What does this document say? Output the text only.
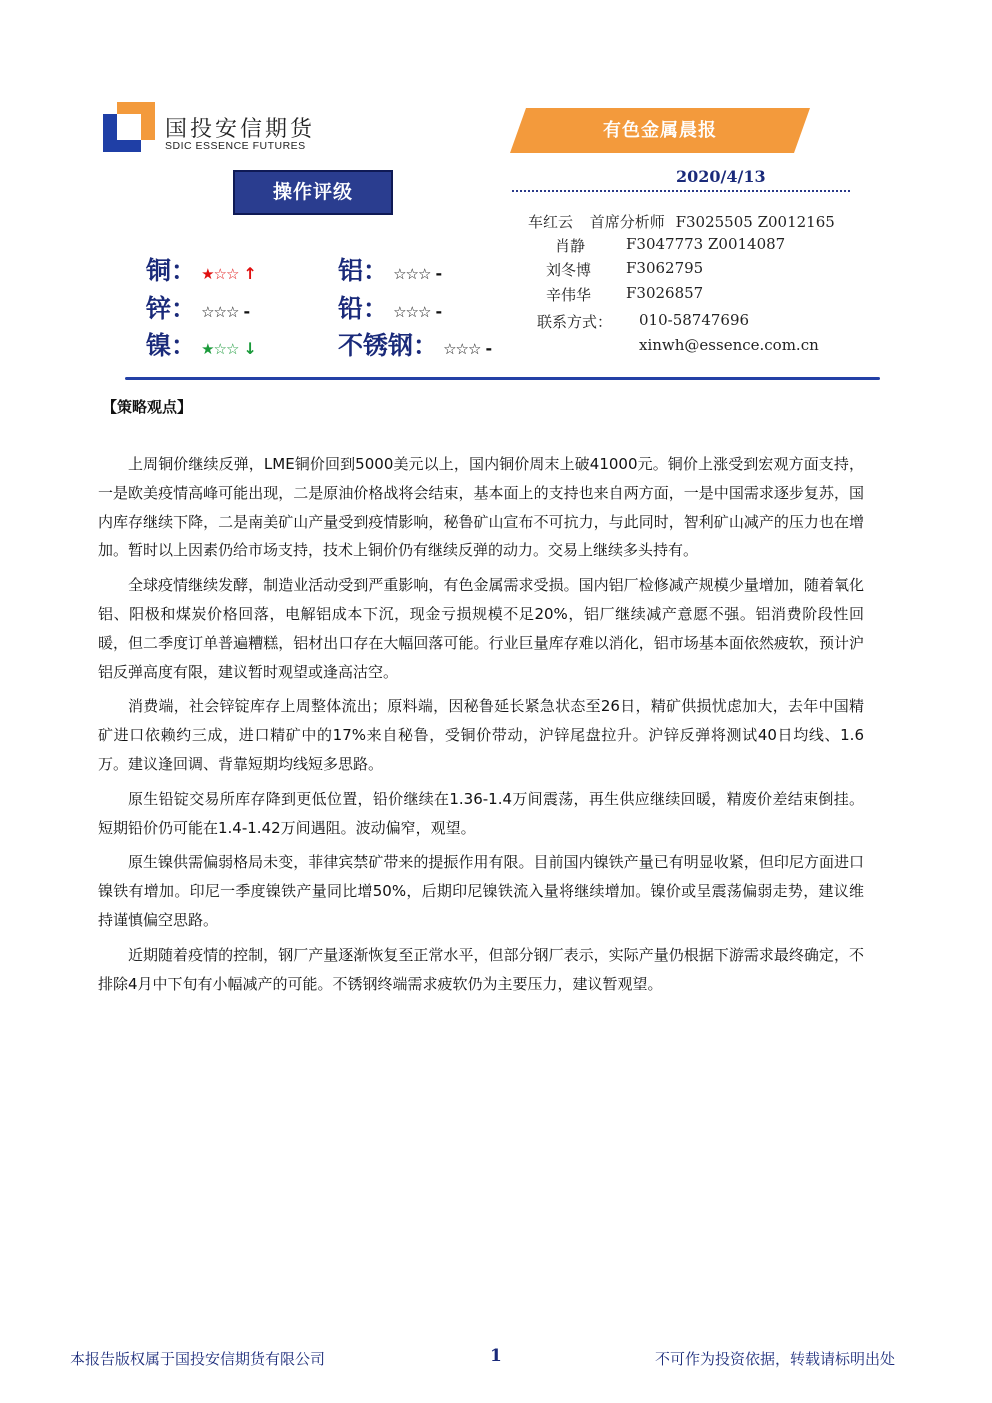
国投安信期货
SDIC ESSENCE FUTURES
有色金属晨报
2020/4/13
操作评级
铜： ★☆☆ ↑	铝： ☆☆☆ -
锌： ☆☆☆ -	铅： ☆☆☆ -
镍： ★☆☆ ↓	不锈钢： ☆☆☆ -
车红云 首席分析师 F3025505 Z0012165
肖静	F3047773 Z0014087
刘冬博 F3062795
辛伟华 F3026857
联系方式： 010-58747696
xinwh@essence.com.cn
【策略观点】

上周铜价继续反弹，LME铜价回到5000美元以上，国内铜价周末上破41000元。铜价上涨受到宏观方面支持，一是欧美疫情高峰可能出现，二是原油价格战将会结束，基本面上的支持也来自两方面，一是中国需求逐步复苏，国内库存继续下降，二是南美矿山产量受到疫情影响，秘鲁矿山宣布不可抗力，与此同时，智利矿山减产的压力也在增加。暂时以上因素仍给市场支持，技术上铜价仍有继续反弹的动力。交易上继续多头持有。

全球疫情继续发酵，制造业活动受到严重影响，有色金属需求受损。国内铝厂检修减产规模少量增加，随着氧化铝、阳极和煤炭价格回落，电解铝成本下沉，现金亏损规模不足20%，铝厂继续减产意愿不强。铝消费阶段性回暖，但二季度订单普遍糟糕，铝材出口存在大幅回落可能。行业巨量库存难以消化，铝市场基本面依然疲软，预计沪铝反弹高度有限，建议暂时观望或逢高沽空。

消费端，社会锌锭库存上周整体流出；原料端，因秘鲁延长紧急状态至26日，精矿供损忧虑加大，去年中国精矿进口依赖约三成，进口精矿中的17%来自秘鲁，受铜价带动，沪锌尾盘拉升。沪锌反弹将测试40日均线、1.6万。建议逢回调、背靠短期均线短多思路。

原生铅锭交易所库存降到更低位置，铅价继续在1.36-1.4万间震荡，再生供应继续回暖，精废价差结束倒挂。短期铅价仍可能在1.4-1.42万间遇阻。波动偏窄，观望。

原生镍供需偏弱格局未变，菲律宾禁矿带来的提振作用有限。目前国内镍铁产量已有明显收紧，但印尼方面进口镍铁有增加。印尼一季度镍铁产量同比增50%，后期印尼镍铁流入量将继续增加。镍价或呈震荡偏弱走势，建议维持谨慎偏空思路。

近期随着疫情的控制，钢厂产量逐渐恢复至正常水平，但部分钢厂表示，实际产量仍根据下游需求最终确定，不排除4月中下旬有小幅减产的可能。不锈钢终端需求疲软仍为主要压力，建议暂观望。

本报告版权属于国投安信期货有限公司	1	不可作为投资依据，转载请标明出处
